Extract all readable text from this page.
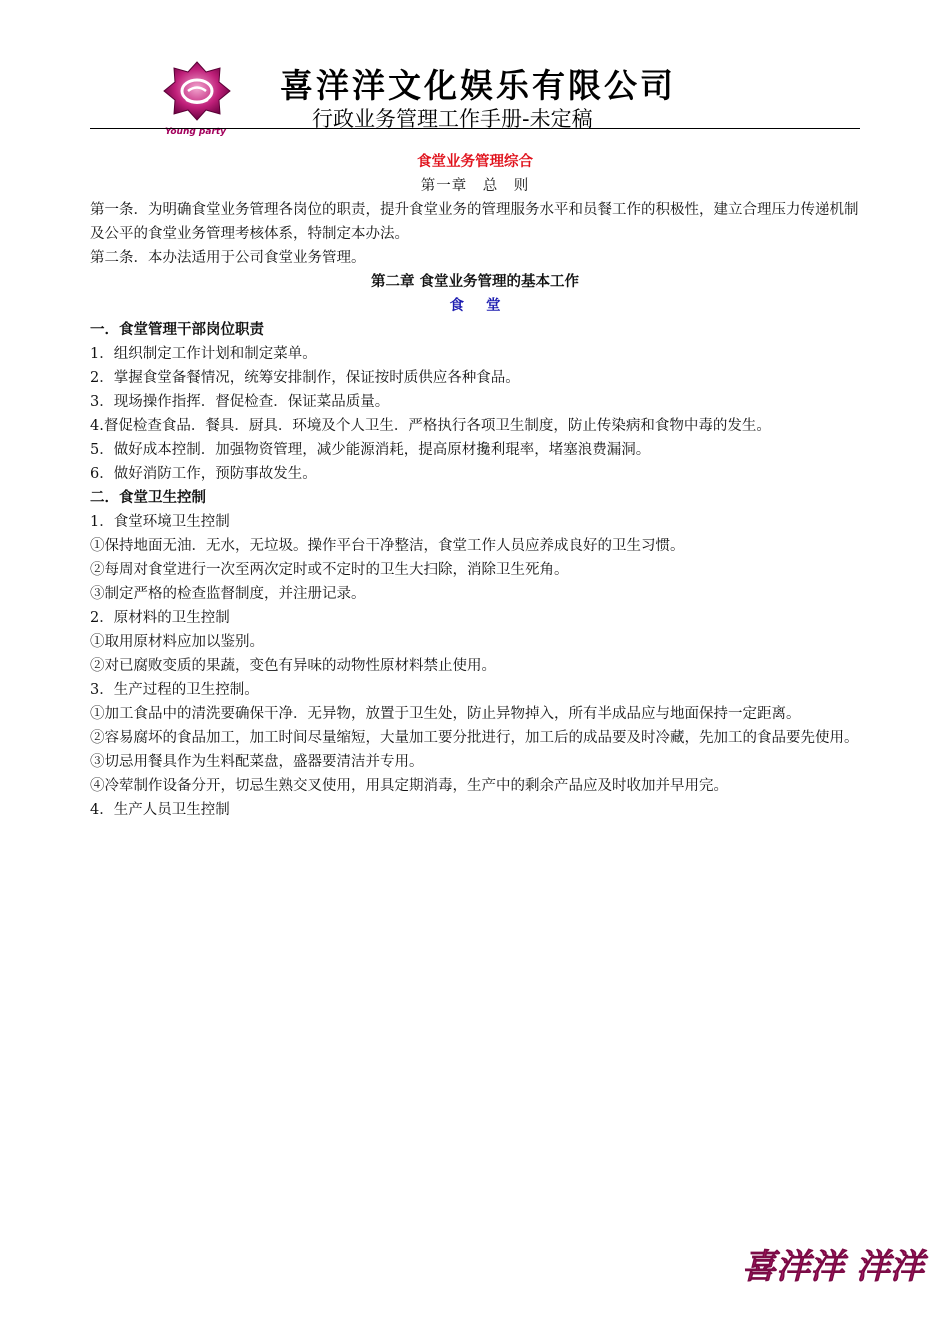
Young party
喜洋洋文化娱乐有限公司
行政业务管理工作手册-未定稿

食堂业务管理综合

第一章　总　则

第一条．为明确食堂业务管理各岗位的职责，提升食堂业务的管理服务水平和员餐工作的积极性，建立合理压力传递机制及公平的食堂业务管理考核体系，特制定本办法。

第二条．本办法适用于公司食堂业务管理。

第二章 食堂业务管理的基本工作

食堂

一．食堂管理干部岗位职责

1．组织制定工作计划和制定菜单。

2．掌握食堂备餐情况，统筹安排制作，保证按时质供应各种食品。

3．现场操作指挥．督促检查．保证菜品质量。

4.督促检查食品．餐具．厨具．环境及个人卫生．严格执行各项卫生制度，防止传染病和食物中毒的发生。

5．做好成本控制．加强物资管理，减少能源消耗，提高原材攙利琨率，堵塞浪费漏洞。

6．做好消防工作，预防事故发生。

二．食堂卫生控制

1．食堂环境卫生控制

①保持地面无油．无水，无垃圾。操作平台干净整洁，食堂工作人员应养成良好的卫生习惯。

②每周对食堂进行一次至两次定时或不定时的卫生大扫除，消除卫生死角。

③制定严格的检查监督制度，并注册记录。

2．原材料的卫生控制

①取用原材料应加以鉴别。

②对已腐败变质的果蔬，变色有异味的动物性原材料禁止使用。

3．生产过程的卫生控制。

①加工食品中的清洗要确保干净．无异物，放置于卫生处，防止异物掉入，所有半成品应与地面保持一定距离。

②容易腐坏的食品加工，加工时间尽量缩短，大量加工要分批进行，加工后的成品要及时冷藏，先加工的食品要先使用。

③切忌用餐具作为生料配菜盘，盛器要清洁并专用。

④冷荤制作设备分开，切忌生熟交叉使用，用具定期消毒，生产中的剩余产品应及时收加并早用完。

4．生产人员卫生控制

喜洋洋 洋洋
